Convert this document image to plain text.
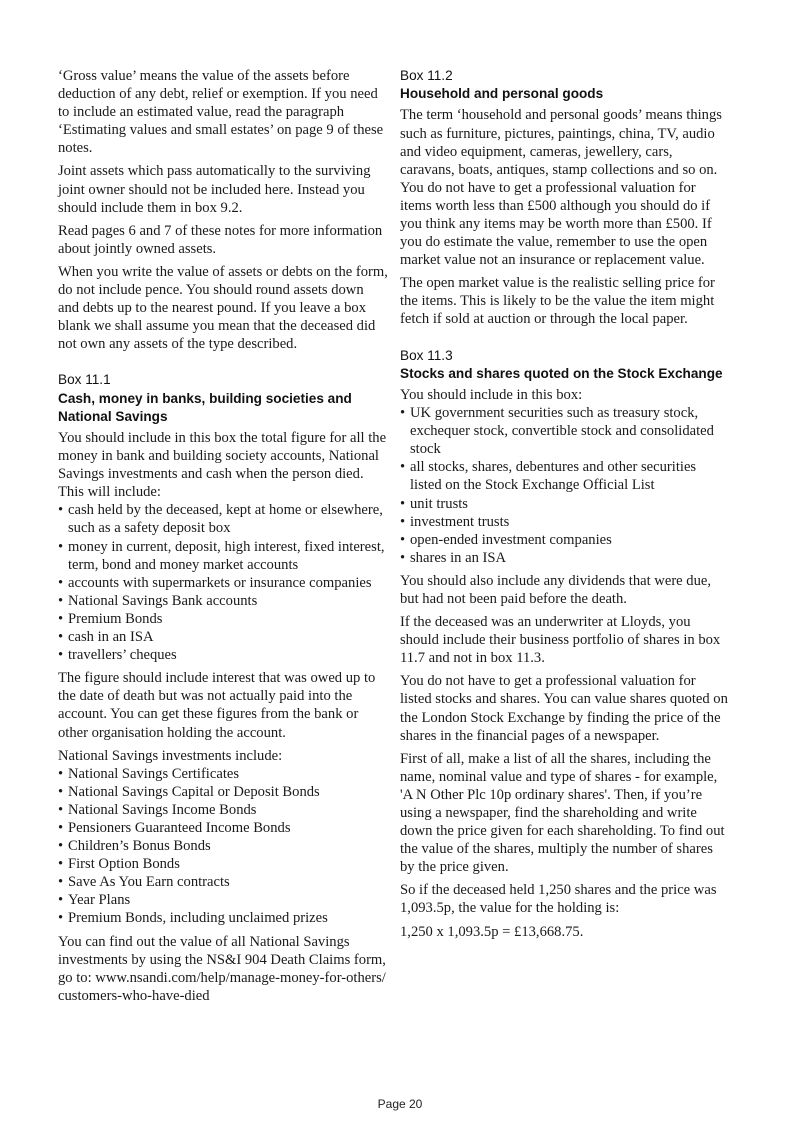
‘Gross value’ means the value of the assets before deduction of any debt, relief or exemption. If you need to include an estimated value, read the paragraph ‘Estimating values and small estates’ on page 9 of these notes.

Joint assets which pass automatically to the surviving joint owner should not be included here. Instead you should include them in box 9.2.

Read pages 6 and 7 of these notes for more information about jointly owned assets.

When you write the value of assets or debts on the form, do not include pence. You should round assets down and debts up to the nearest pound. If you leave a box blank we shall assume you mean that the deceased did not own any assets of the type described.

Box 11.1
Cash, money in banks, building societies and National Savings

You should include in this box the total figure for all the money in bank and building society accounts, National Savings investments and cash when the person died. This will include:

• cash held by the deceased, kept at home or elsewhere, such as a safety deposit box
• money in current, deposit, high interest, fixed interest, term, bond and money market accounts
• accounts with supermarkets or insurance companies
• National Savings Bank accounts
• Premium Bonds
• cash in an ISA
• travellers’ cheques

The figure should include interest that was owed up to the date of death but was not actually paid into the account. You can get these figures from the bank or other organisation holding the account.

National Savings investments include:

• National Savings Certificates
• National Savings Capital or Deposit Bonds
• National Savings Income Bonds
• Pensioners Guaranteed Income Bonds
• Children’s Bonus Bonds
• First Option Bonds
• Save As You Earn contracts
• Year Plans
• Premium Bonds, including unclaimed prizes

You can find out the value of all National Savings investments by using the NS&I 904 Death Claims form, go to: www.nsandi.com/help/manage-money-for-others/ customers-who-have-died

Box 11.2
Household and personal goods

The term ‘household and personal goods’ means things such as furniture, pictures, paintings, china, TV, audio and video equipment, cameras, jewellery, cars, caravans, boats, antiques, stamp collections and so on. You do not have to get a professional valuation for items worth less than £500 although you should do if you think any items may be worth more than £500. If you do estimate the value, remember to use the open market value not an insurance or replacement value.

The open market value is the realistic selling price for the items. This is likely to be the value the item might fetch if sold at auction or through the local paper.

Box 11.3
Stocks and shares quoted on the Stock Exchange

You should include in this box:

• UK government securities such as treasury stock, exchequer stock, convertible stock and consolidated stock
• all stocks, shares, debentures and other securities listed on the Stock Exchange Official List
• unit trusts
• investment trusts
• open-ended investment companies
• shares in an ISA

You should also include any dividends that were due, but had not been paid before the death.

If the deceased was an underwriter at Lloyds, you should include their business portfolio of shares in box 11.7 and not in box 11.3.

You do not have to get a professional valuation for listed stocks and shares. You can value shares quoted on the London Stock Exchange by finding the price of the shares in the financial pages of a newspaper.

First of all, make a list of all the shares, including the name, nominal value and type of shares - for example, 'A N Other Plc 10p ordinary shares'. Then, if you’re using a newspaper, find the shareholding and write down the price given for each shareholding. To find out the value of the shares, multiply the number of shares by the price given.

So if the deceased held 1,250 shares and the price was 1,093.5p, the value for the holding is:

1,250 x 1,093.5p = £13,668.75.

Page 20
